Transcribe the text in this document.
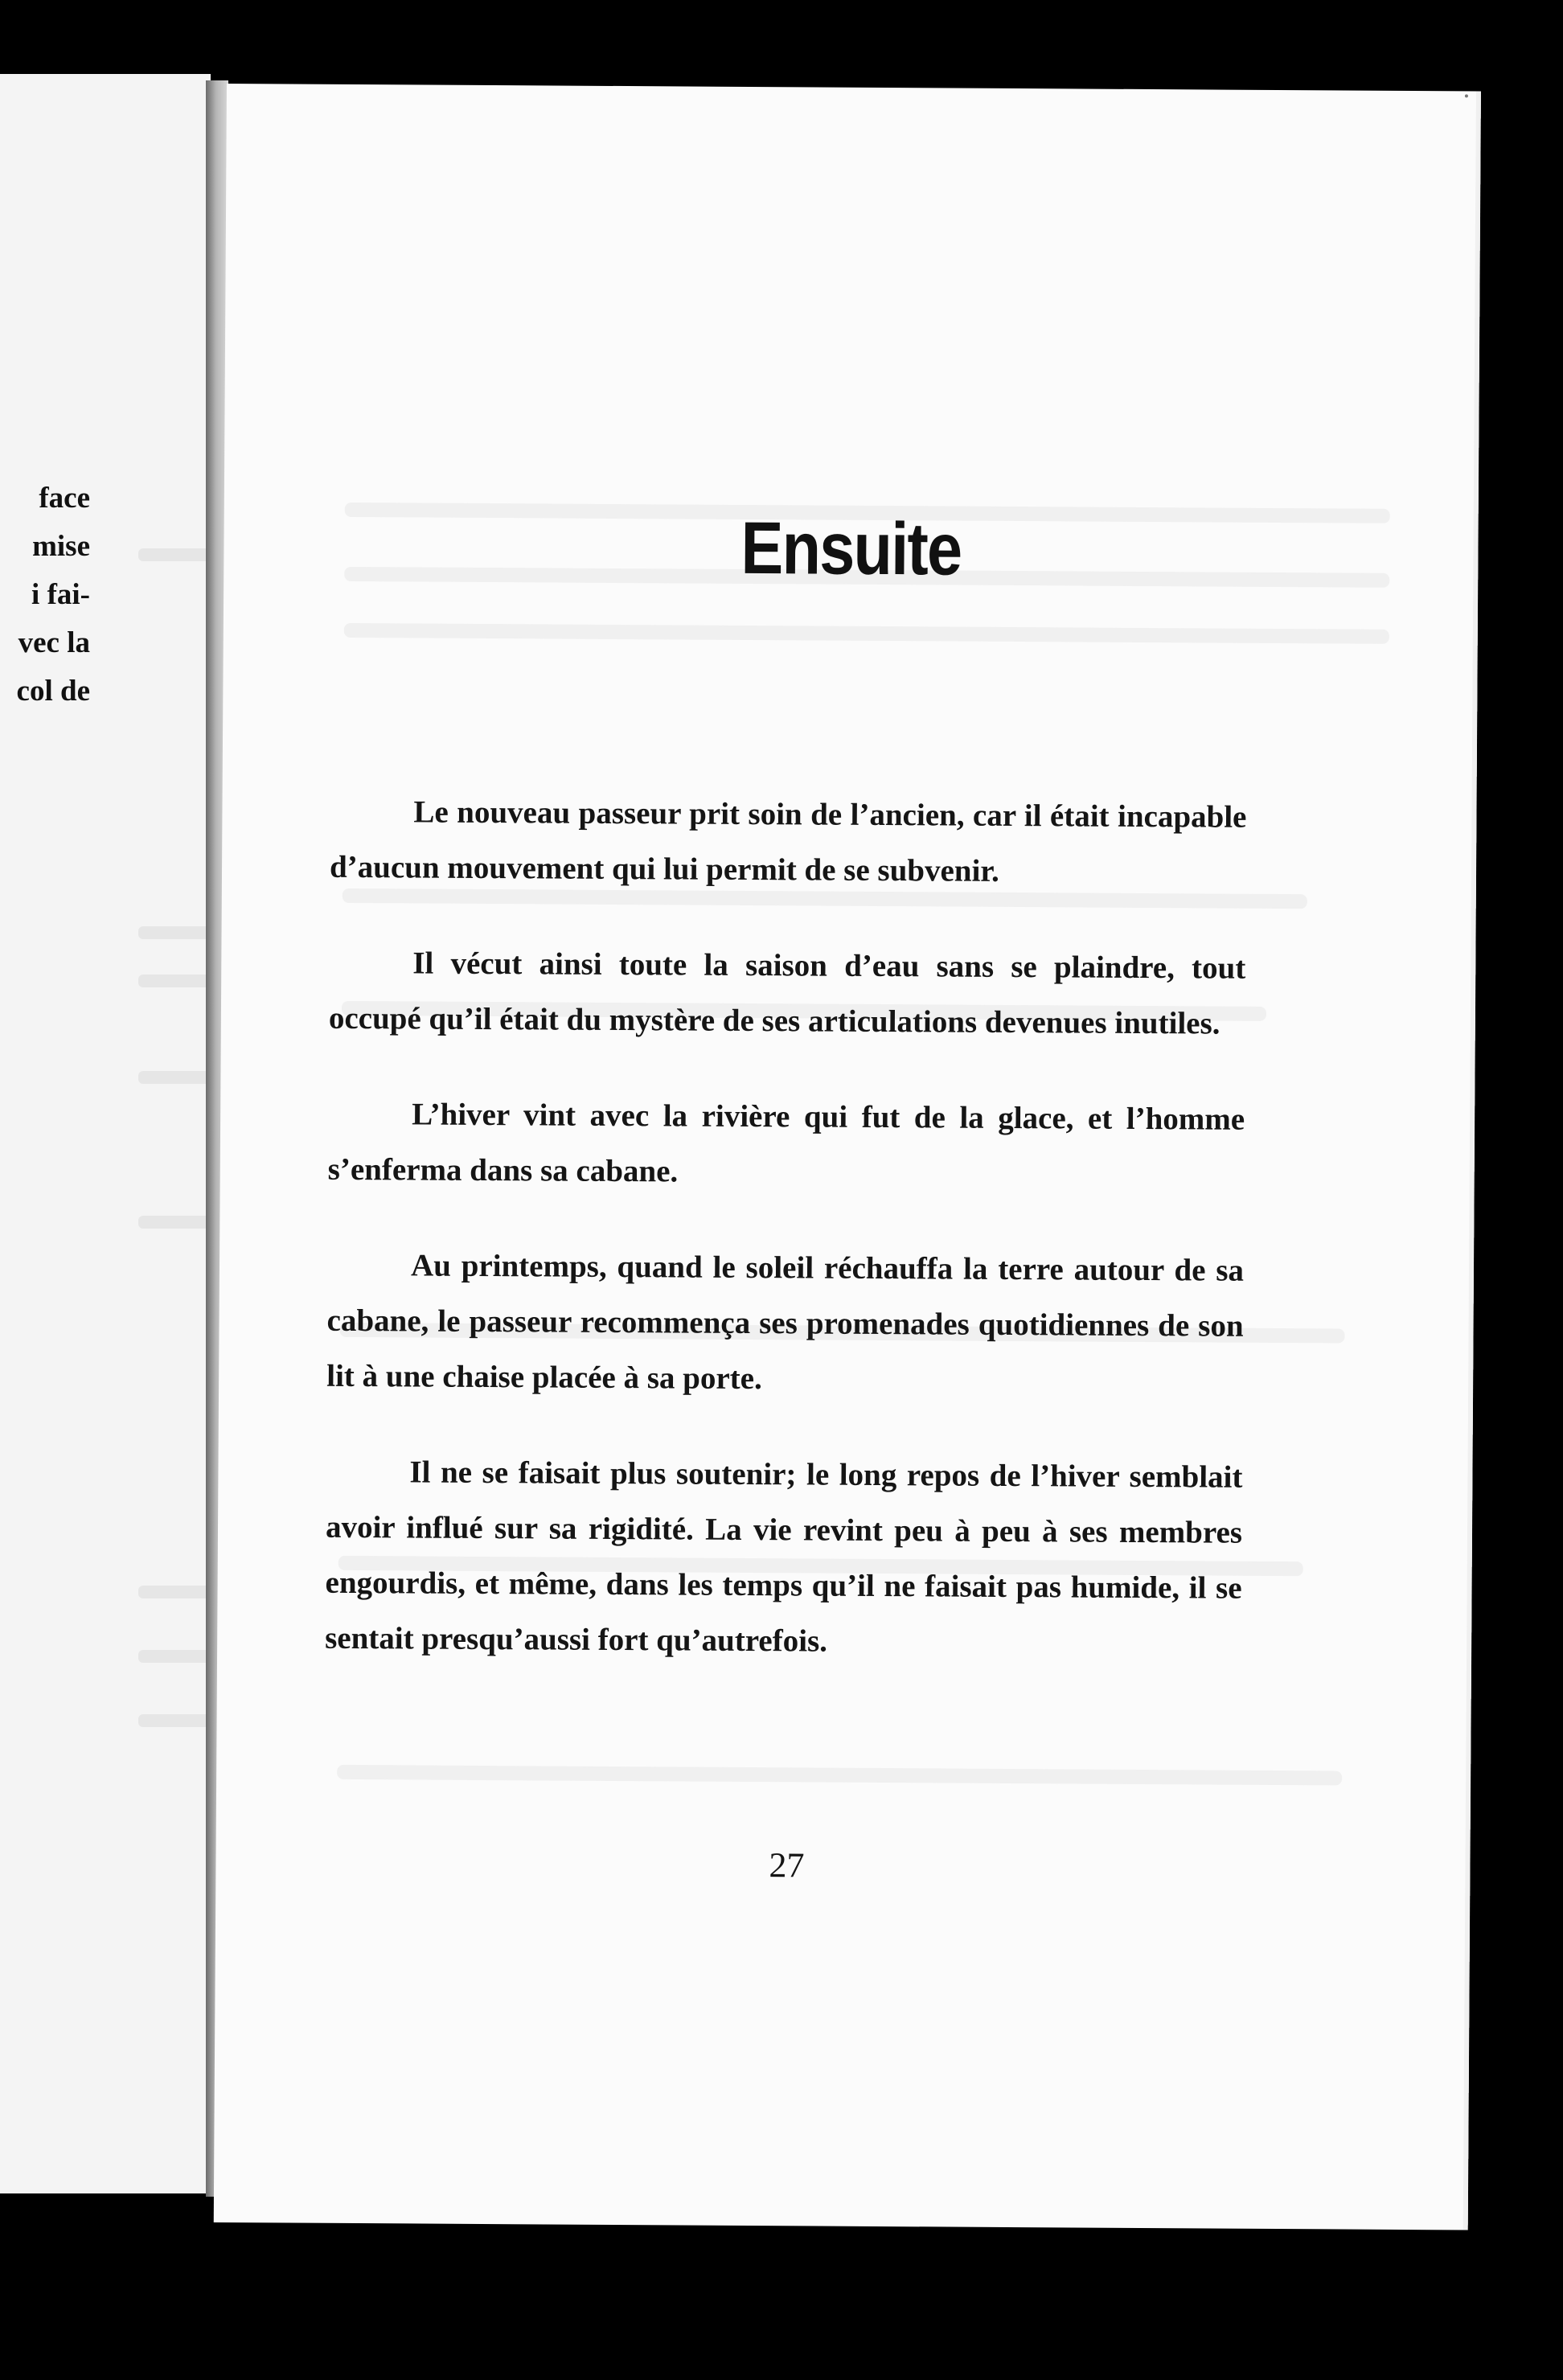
face
mise
i fai-
vec la
col de
Ensuite

Le nouveau passeur prit soin de l’ancien, car il était incapable d’aucun mouvement qui lui permit de se subvenir.

Il vécut ainsi toute la saison d’eau sans se plaindre, tout occupé qu’il était du mystère de ses articulations devenues inutiles.

L’hiver vint avec la rivière qui fut de la glace, et l’homme s’enferma dans sa cabane.

Au printemps, quand le soleil réchauffa la terre autour de sa cabane, le passeur recommença ses promenades quotidiennes de son lit à une chaise placée à sa porte.

Il ne se faisait plus soutenir; le long repos de l’hiver semblait avoir influé sur sa rigidité. La vie revint peu à peu à ses membres engourdis, et même, dans les temps qu’il ne faisait pas humide, il se sentait presqu’aussi fort qu’autrefois.

27
